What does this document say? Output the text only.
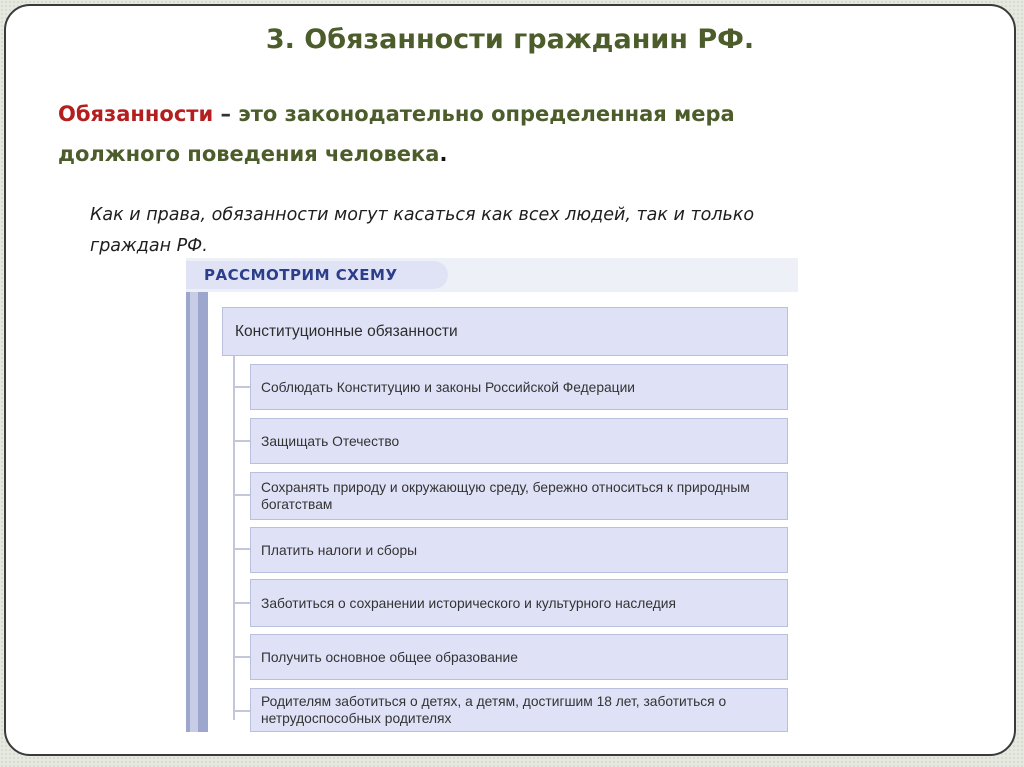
3. Обязанности гражданин РФ.

Обязанности – это законодательно определенная мера должного поведения человека.

Как и права, обязанности могут касаться как всех людей, так и только граждан РФ.

РАССМОТРИМ СХЕМУ
Конституционные обязанности
Соблюдать Конституцию и законы Российской Федерации
Защищать Отечество
Сохранять природу и окружающую среду, бережно относиться к природным богатствам
Платить налоги и сборы
Заботиться о сохранении исторического и культурного наследия
Получить основное общее образование
Родителям заботиться о детях, а детям, достигшим 18 лет, заботиться о нетрудоспособных родителях
